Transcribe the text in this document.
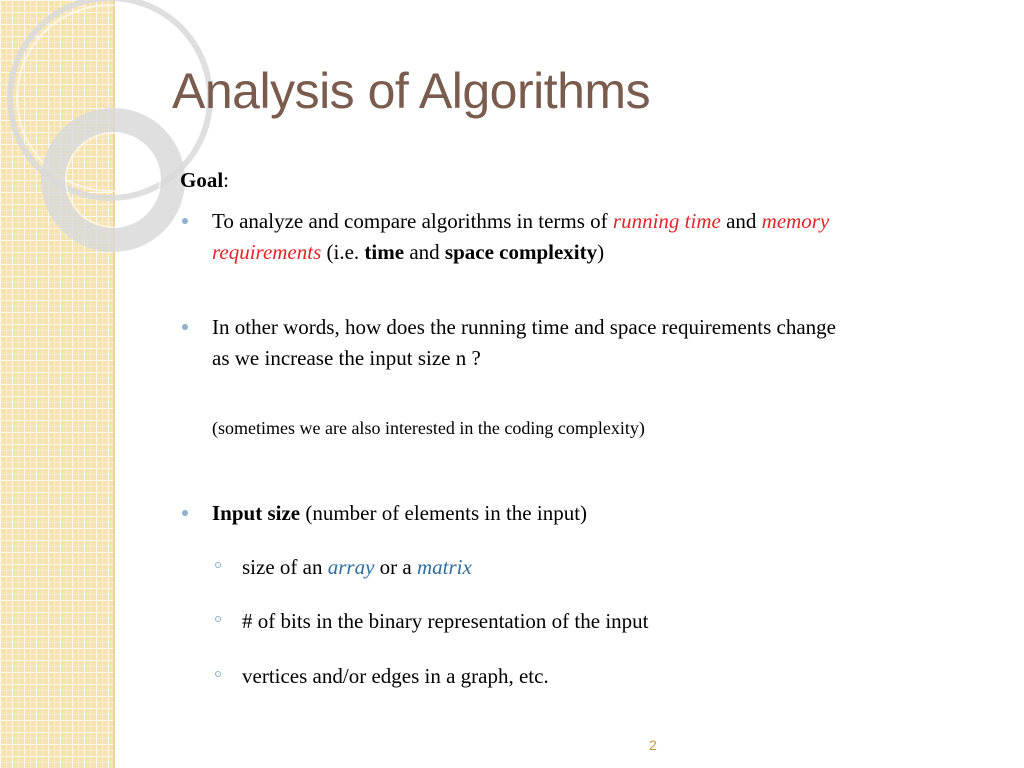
Analysis of Algorithms
Goal:
To analyze and compare algorithms in terms of running time and memory
requirements (i.e. time and space complexity)
In other words, how does the running time and space requirements change
as we increase the input size n ?
(sometimes we are also interested in the coding complexity)
Input size (number of elements in the input)
size of an array or a matrix
# of bits in the binary representation of the input
vertices and/or edges in a graph, etc.
2
